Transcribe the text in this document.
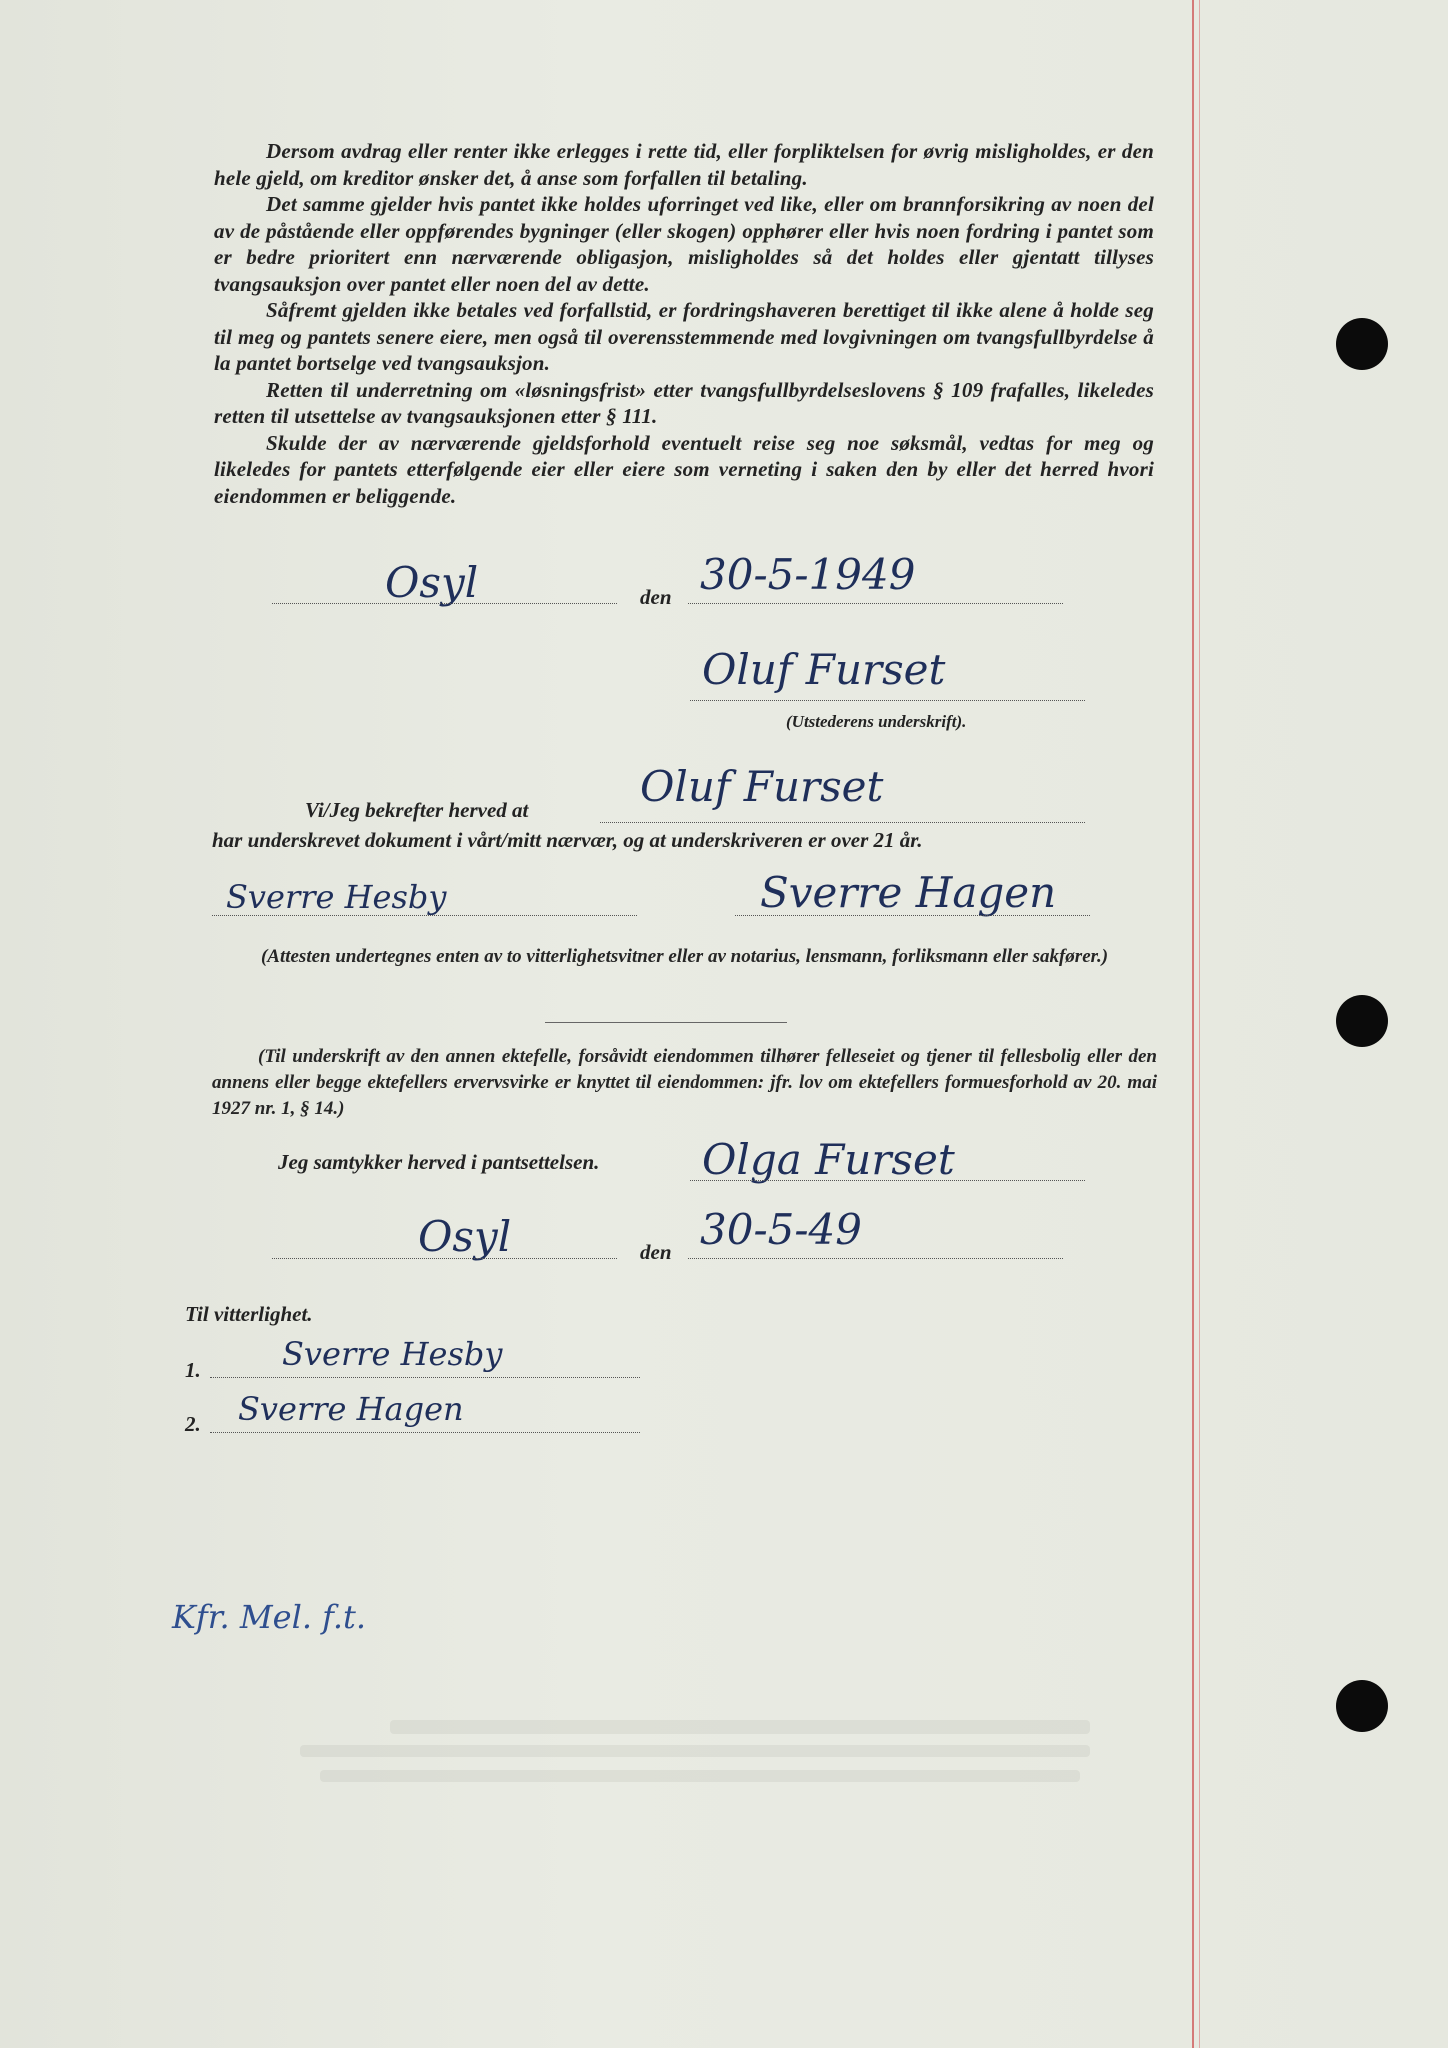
Dersom avdrag eller renter ikke erlegges i rette tid, eller forpliktelsen for øvrig misligholdes, er den hele gjeld, om kreditor ønsker det, å anse som forfallen til betaling.

Det samme gjelder hvis pantet ikke holdes uforringet ved like, eller om brannforsikring av noen del av de påstående eller oppførendes bygninger (eller skogen) opphører eller hvis noen fordring i pantet som er bedre prioritert enn nærværende obligasjon, misligholdes så det holdes eller gjentatt tillyses tvangsauksjon over pantet eller noen del av dette.

Såfremt gjelden ikke betales ved forfallstid, er fordringshaveren berettiget til ikke alene å holde seg til meg og pantets senere eiere, men også til overensstemmende med lovgivningen om tvangsfullbyrdelse å la pantet bortselge ved tvangsauksjon.

Retten til underretning om «løsningsfrist» etter tvangsfullbyrdelseslovens § 109 frafalles, likeledes retten til utsettelse av tvangsauksjonen etter § 111.

Skulde der av nærværende gjeldsforhold eventuelt reise seg noe søksmål, vedtas for meg og likeledes for pantets etterfølgende eier eller eiere som verneting i saken den by eller det herred hvori eiendommen er beliggende.

Osyl	den 30-5-1949
Oluf Furset
(Utstederens underskrift).
Vi/Jeg bekrefter herved at	Oluf Furset
har underskrevet dokument i vårt/mitt nærvær, og at underskriveren er over 21 år.
Sverre Hesby	Sverre Hagen
(Attesten undertegnes enten av to vitterlighetsvitner eller av notarius, lensmann, forliksmann eller sakfører.)

(Til underskrift av den annen ektefelle, forsåvidt eiendommen tilhører felleseiet og tjener til fellesbolig eller den annens eller begge ektefellers ervervsvirke er knyttet til eiendommen: jfr. lov om ektefellers formuesforhold av 20. mai 1927 nr. 1, § 14.)

Jeg samtykker herved i pantsettelsen. Olga Furset
Osyl	den 30-5-49
Til vitterlighet.
1.	Sverre Hesby
2. Sverre Hagen
Kfr. Mel. f.t.
